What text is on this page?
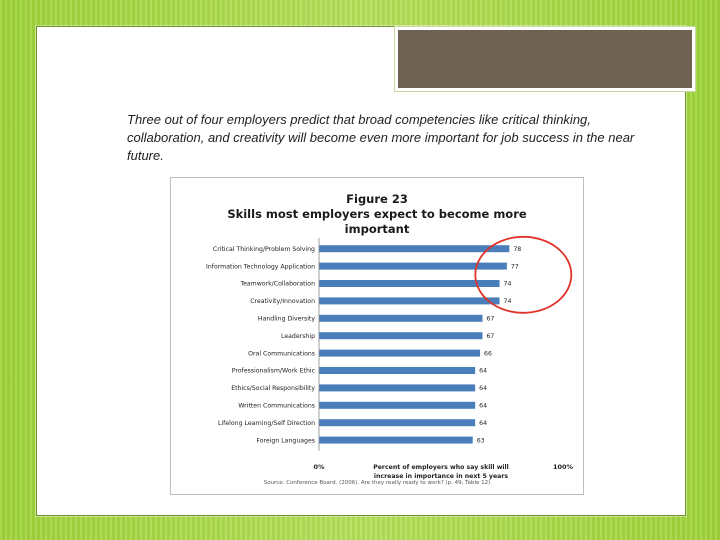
Three out of four employers predict that broad competencies like critical thinking, collaboration, and creativity will become even more important for job success in the near future.
Figure 23
Skills most employers expect to become more
important
Critical Thinking/Problem Solving	78
Information Technology Application	77
Teamwork/Collaboration	74
Creativity/Innovation	74
Handling Diversity	67
Leadership	67
Oral Communications	66
Professionalism/Work Ethic	64
Ethics/Social Responsibility	64
Written Communications	64
Lifelong Learning/Self Direction	64
Foreign Languages	63
0%	100%
Percent of employers who say skill will
increase in importance in next 5 years
Source: Conference Board. (2006). Are they really ready to work? (p. 49, Table 12)
